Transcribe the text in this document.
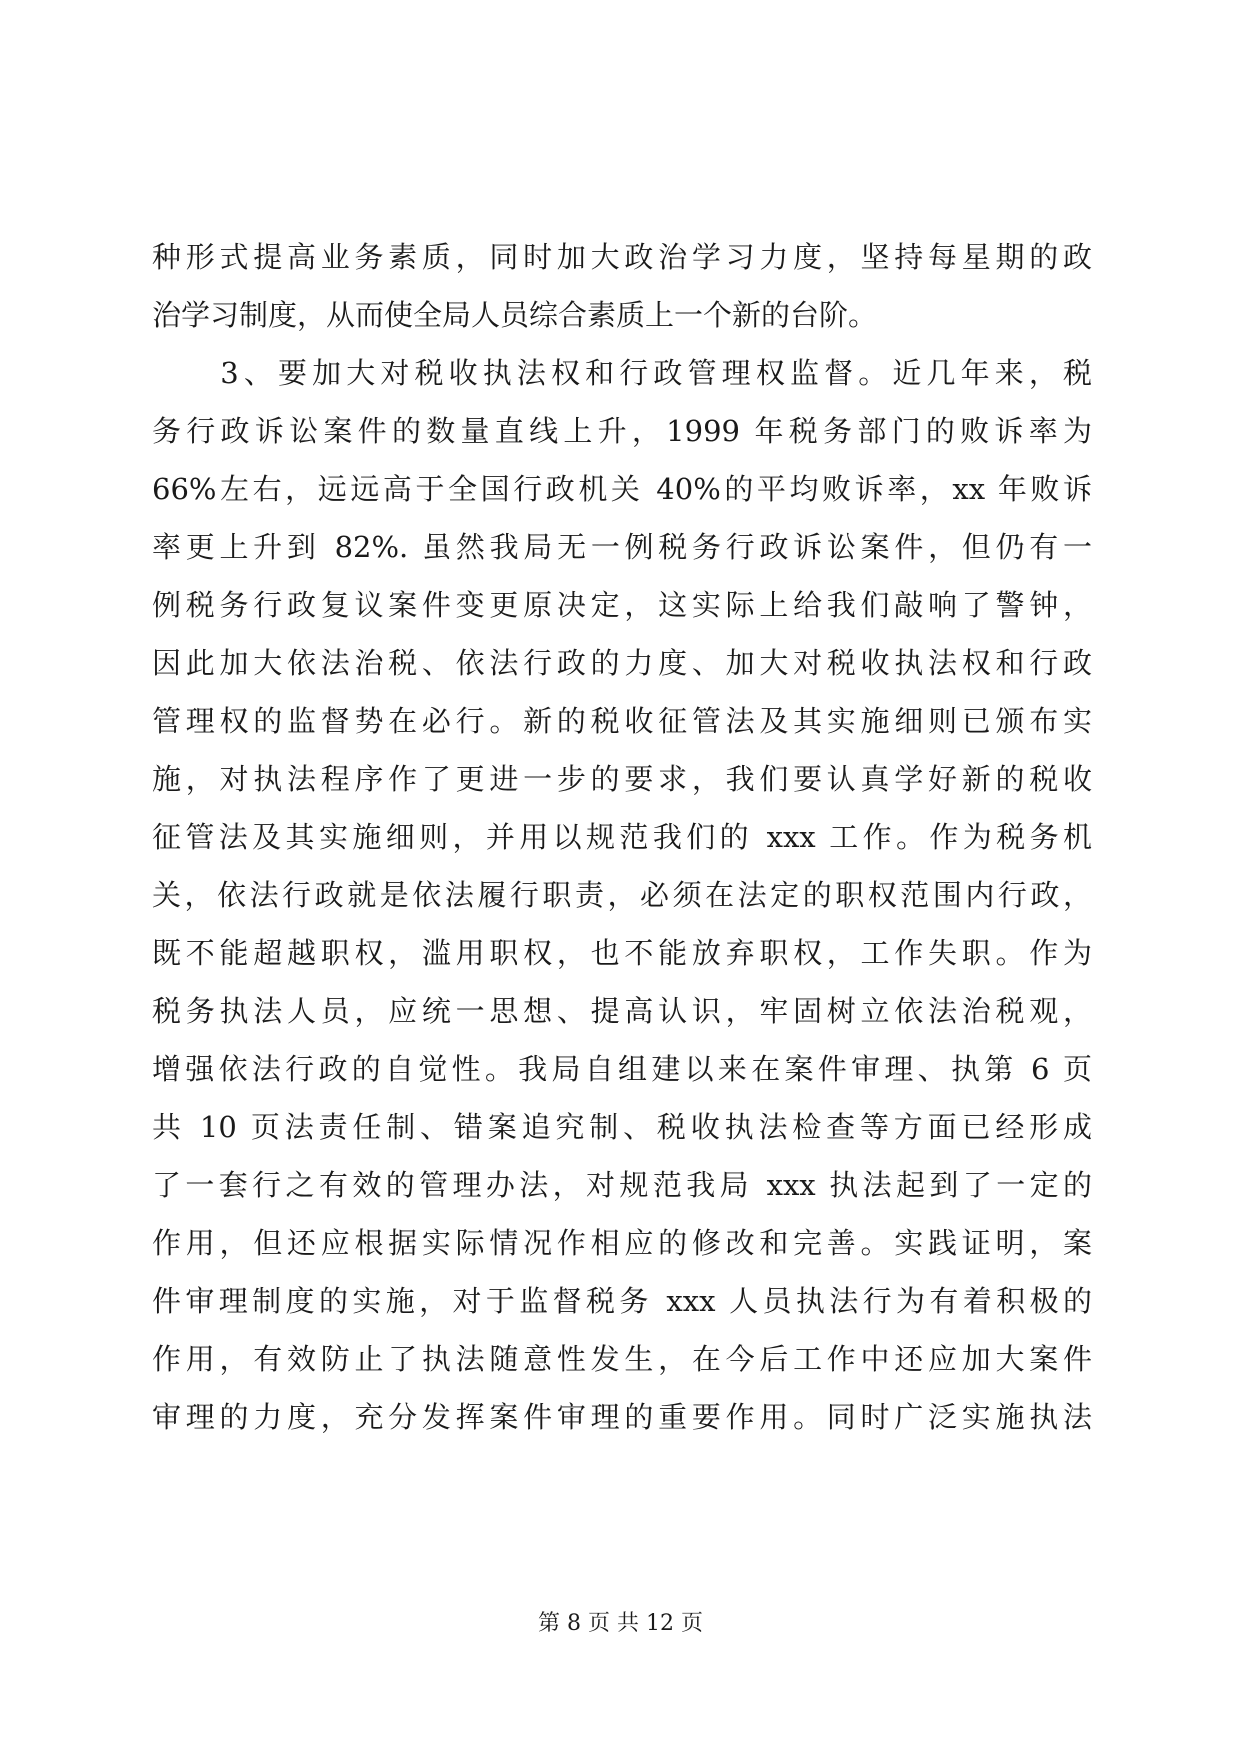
种形式提高业务素质，同时加大政治学习力度，坚持每星期的政
治学习制度，从而使全局人员综合素质上一个新的台阶。
　　3、要加大对税收执法权和行政管理权监督。近几年来，税
务行政诉讼案件的数量直线上升，1999 年税务部门的败诉率为
66%左右，远远高于全国行政机关 40%的平均败诉率，xx 年败诉
率更上升到 82%. 虽然我局无一例税务行政诉讼案件，但仍有一
例税务行政复议案件变更原决定，这实际上给我们敲响了警钟，
因此加大依法治税、依法行政的力度、加大对税收执法权和行政
管理权的监督势在必行。新的税收征管法及其实施细则已颁布实
施，对执法程序作了更进一步的要求，我们要认真学好新的税收
征管法及其实施细则，并用以规范我们的 xxx 工作。作为税务机
关，依法行政就是依法履行职责，必须在法定的职权范围内行政，
既不能超越职权，滥用职权，也不能放弃职权，工作失职。作为
税务执法人员，应统一思想、提高认识，牢固树立依法治税观，
增强依法行政的自觉性。我局自组建以来在案件审理、执第 6 页
共 10 页法责任制、错案追究制、税收执法检查等方面已经形成
了一套行之有效的管理办法，对规范我局 xxx 执法起到了一定的
作用，但还应根据实际情况作相应的修改和完善。实践证明，案
件审理制度的实施，对于监督税务 xxx 人员执法行为有着积极的
作用，有效防止了执法随意性发生，在今后工作中还应加大案件
审理的力度，充分发挥案件审理的重要作用。同时广泛实施执法
第 8 页 共 12 页
